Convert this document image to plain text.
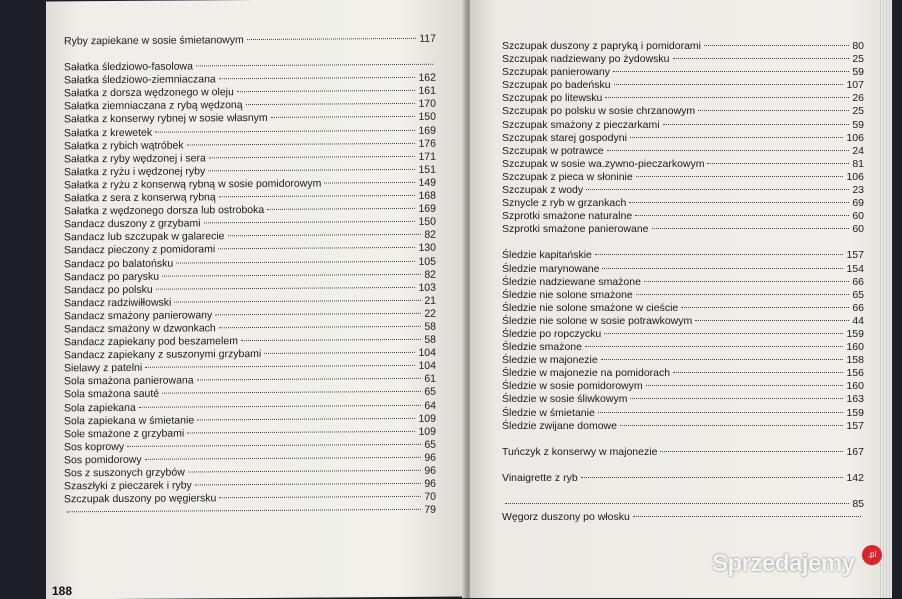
Ryby zapiekane w sosie śmietanowym	117
Sałatka śledziowo-fasolowa
Sałatka śledziowo-ziemniaczana	162
Sałatka z dorsza wędzonego w oleju	161
Sałatka ziemniaczana z rybą wędzoną	170
Sałatka z konserwy rybnej w sosie własnym	150
Sałatka z krewetek	169
Sałatka z rybich wątróbek	176
Sałatka z ryby wędzonej i sera	171
Sałatka z ryżu i wędzonej ryby	151
Sałatka z ryżu z konserwą rybną w sosie pomidorowym	149
Sałatka z sera z konserwą rybną	168
Sałatka z wędzonego dorsza lub ostroboka	169
Sandacz duszony z grzybami	150
Sandacz lub szczupak w galarecie	82
Sandacz pieczony z pomidorami	130
Sandacz po balatońsku	105
Sandacz po parysku	82
Sandacz po polsku	103
Sandacz radziwiłłowski	21
Sandacz smażony panierowany	22
Sandacz smażony w dzwonkach	58
Sandacz zapiekany pod beszamelem	58
Sandacz zapiekany z suszonymi grzybami	104
Sielawy z patelni	104
Sola smażona panierowana	61
Sola smażona sauté	65
Sola zapiekana	64
Sola zapiekana w śmietanie	109
Sole smażone z grzybami	109
Sos koprowy	65
Sos pomidorowy	96
Sos z suszonych grzybów	96
Szaszłyki z pieczarek i ryby	96
Szczupak duszony po węgiersku	70
79
Szczupak duszony z papryką i pomidorami	80
Szczupak nadziewany po żydowsku	25
Szczupak panierowany	59
Szczupak po badeńsku	107
Szczupak po litewsku	26
Szczupak po polsku w sosie chrzanowym	25
Szczupak smażony z pieczarkami	59
Szczupak starej gospodyni	106
Szczupak w potrawce	24
Szczupak w sosie wa.zywno-pieczarkowym	81
Szczupak z pieca w słoninie	106
Szczupak z wody	23
Sznycle z ryb w grzankach	69
Szprotki smażone naturalne	60
Szprotki smażone panierowane	60
Śledzie kapitańskie	157
Śledzie marynowane	154
Śledzie nadziewane smażone	66
Śledzie nie solone smażone	65
Śledzie nie solone smażone w cieście	66
Śledzie nie solone w sosie potrawkowym	44
Śledzie po ropczycku	159
Śledzie smażone	160
Śledzie w majonezie	158
Śledzie w majonezie na pomidorach	156
Śledzie w sosie pomidorowym	160
Śledzie w sosie śliwkowym	163
Śledzie w śmietanie	159
Śledzie zwijane domowe	157
Tuńczyk z konserwy w majonezie	167
Vinaigrette z ryb	142
85
Węgorz duszony po włosku
188
Sprzedajemy	.pl
